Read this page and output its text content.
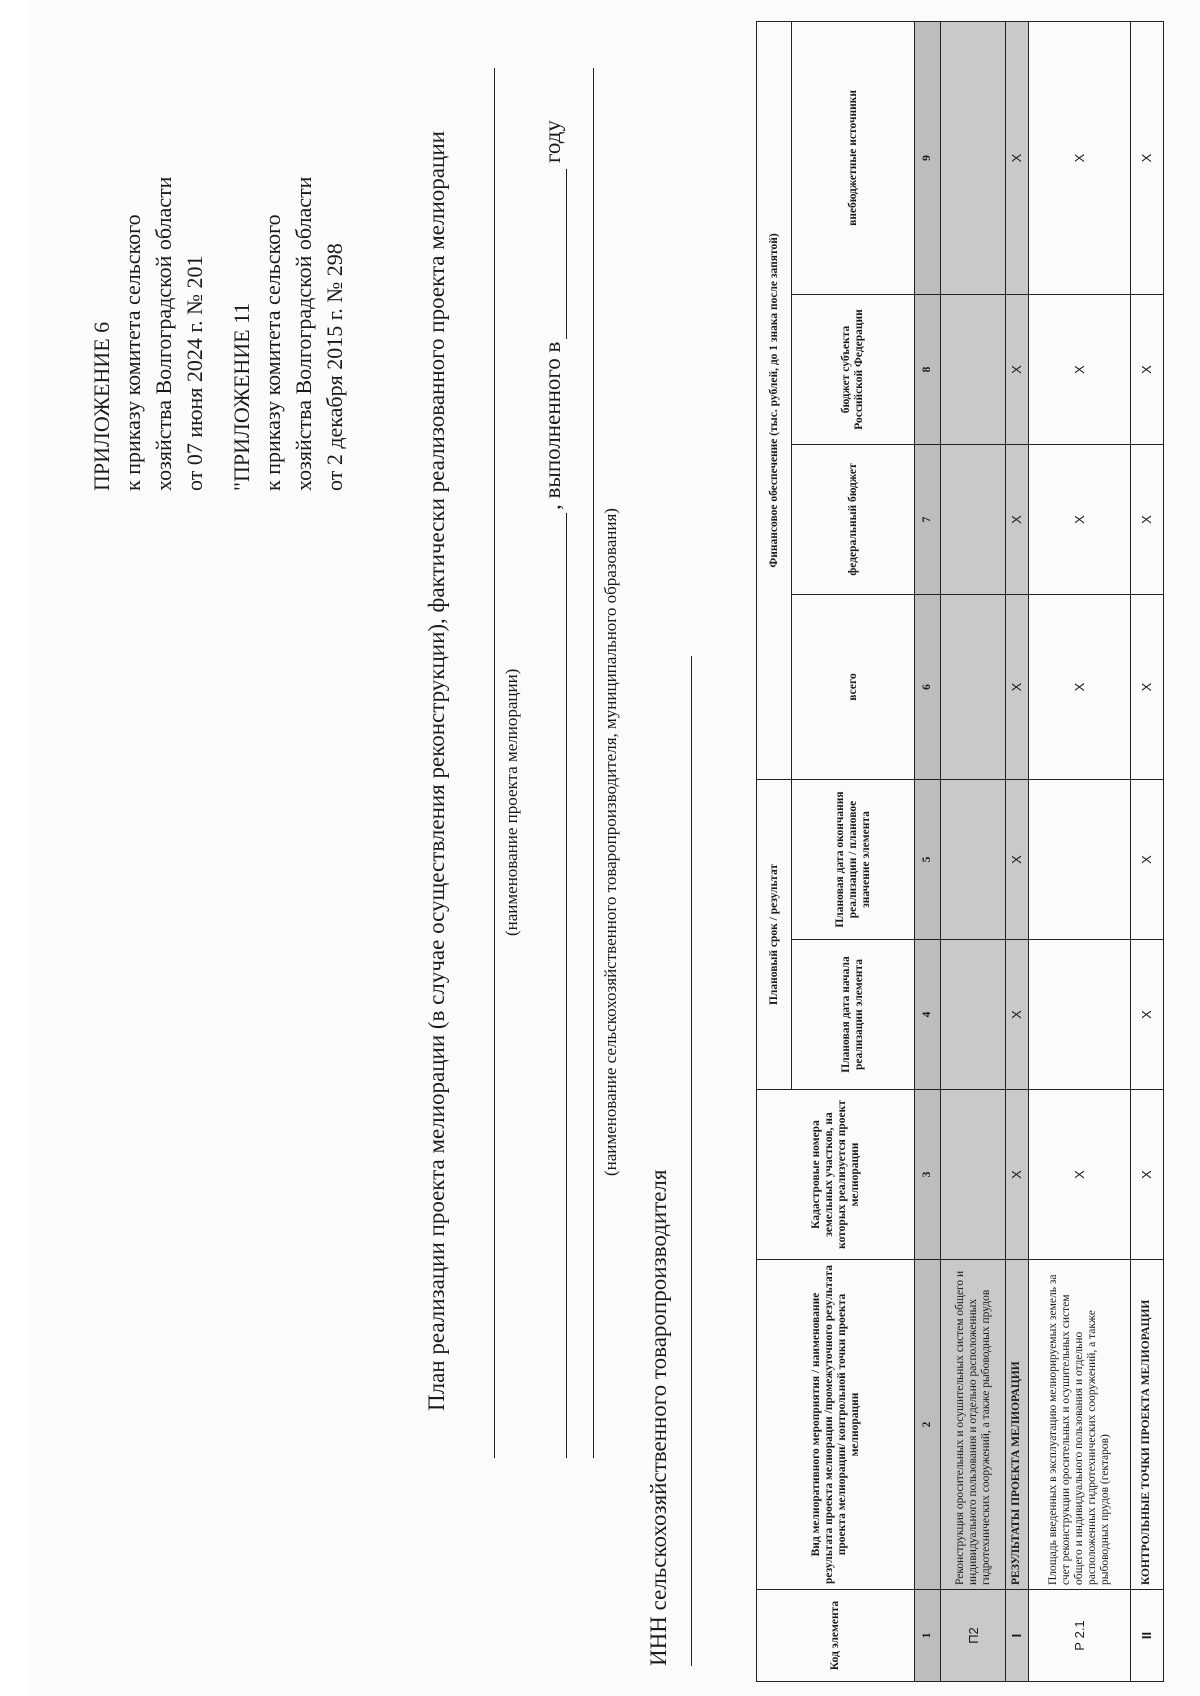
ПРИЛОЖЕНИЕ 6 к приказу комитета сельского хозяйства Волгоградской области от 07 июня 2024 г. № 201 "ПРИЛОЖЕНИЕ 11 к приказу комитета сельского хозяйства Волгоградской области от 2 декабря 2015 г. № 298	План реализации проекта мелиорации (в случае осуществления реконструкции), фактически реализованного проекта мелиорации	(наименование проекта мелиорации)
, выполненного в
году
(наименование сельскохозяйственного товаропроизводителя, муниципального образования)
ИНН сельскохозяйственного товаропроизводителя	Код элемента	Вид мелиоративного мероприятия / наименование результата проекта мелиорации /промежуточного результата проекта мелиорации/ контрольной точки проекта мелиорации	Кадастровые номера земельных участков, на которых реализуется проект мелиорации	Плановый срок / результат		Финансовое обеспечение (тыс. рублей, до 1 знака после запятой)			
			Плановая дата начала реализации элемента	Плановая дата окончания реализации / плановое значение элемента	всего	федеральный бюджет	бюджет субъекта Российской Федерации	внебюджетные источники
1	2	3	4	5	6	7	8	9
П2	Реконструкция оросительных и осушительных систем общего и индивидуального пользования и отдельно расположенных гидротехнических сооружений, а также рыбоводных прудов							
I	РЕЗУЛЬТАТЫ ПРОЕКТА МЕЛИОРАЦИИ	X	X	X	X	X	X	X
Р 2.1	Площадь введенных в эксплуатацию мелиорируемых земель за счет реконструкции оросительных и осушительных систем общего и индивидуального пользования и отдельно расположенных гидротехнических сооружений, а также рыбоводных прудов (гектаров)	X			X	X	X	X
II	КОНТРОЛЬНЫЕ ТОЧКИ ПРОЕКТА МЕЛИОРАЦИИ	X	X	X	X	X	X	X
